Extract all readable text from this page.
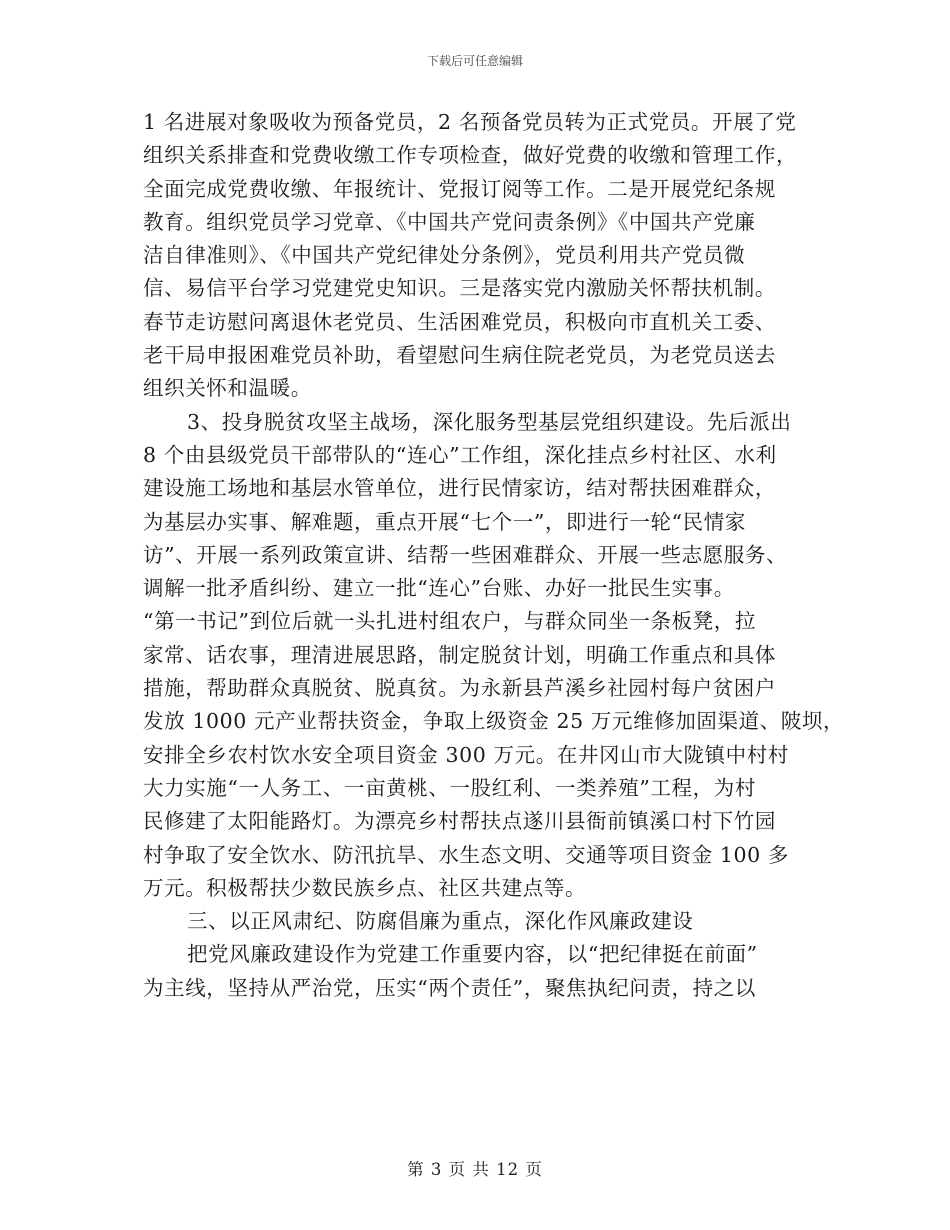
下载后可任意编辑
1 名进展对象吸收为预备党员，2 名预备党员转为正式党员。开展了党
组织关系排查和党费收缴工作专项检查，做好党费的收缴和管理工作，
全面完成党费收缴、年报统计、党报订阅等工作。二是开展党纪条规
教育。组织党员学习党章、《中国共产党问责条例》《中国共产党廉
洁自律准则》、《中国共产党纪律处分条例》，党员利用共产党员微
信、易信平台学习党建党史知识。三是落实党内激励关怀帮扶机制。
春节走访慰问离退休老党员、生活困难党员，积极向市直机关工委、
老干局申报困难党员补助，看望慰问生病住院老党员，为老党员送去
组织关怀和温暖。
3、投身脱贫攻坚主战场，深化服务型基层党组织建设。先后派出
8 个由县级党员干部带队的“连心”工作组，深化挂点乡村社区、水利
建设施工场地和基层水管单位，进行民情家访，结对帮扶困难群众，
为基层办实事、解难题，重点开展“七个一”，即进行一轮“民情家
访”、开展一系列政策宣讲、结帮一些困难群众、开展一些志愿服务、
调解一批矛盾纠纷、建立一批“连心”台账、办好一批民生实事。
“第一书记”到位后就一头扎进村组农户，与群众同坐一条板凳，拉
家常、话农事，理清进展思路，制定脱贫计划，明确工作重点和具体
措施，帮助群众真脱贫、脱真贫。为永新县芦溪乡社园村每户贫困户
发放 1000 元产业帮扶资金，争取上级资金 25 万元维修加固渠道、陂坝，
安排全乡农村饮水安全项目资金 300 万元。在井冈山市大陇镇中村村
大力实施“一人务工、一亩黄桃、一股红利、一类养殖”工程，为村
民修建了太阳能路灯。为漂亮乡村帮扶点遂川县衙前镇溪口村下竹园
村争取了安全饮水、防汛抗旱、水生态文明、交通等项目资金 100 多
万元。积极帮扶少数民族乡点、社区共建点等。
三、以正风肃纪、防腐倡廉为重点，深化作风廉政建设
把党风廉政建设作为党建工作重要内容，以“把纪律挺在前面”
为主线，坚持从严治党，压实“两个责任”，聚焦执纪问责，持之以
第 3 页 共 12 页
